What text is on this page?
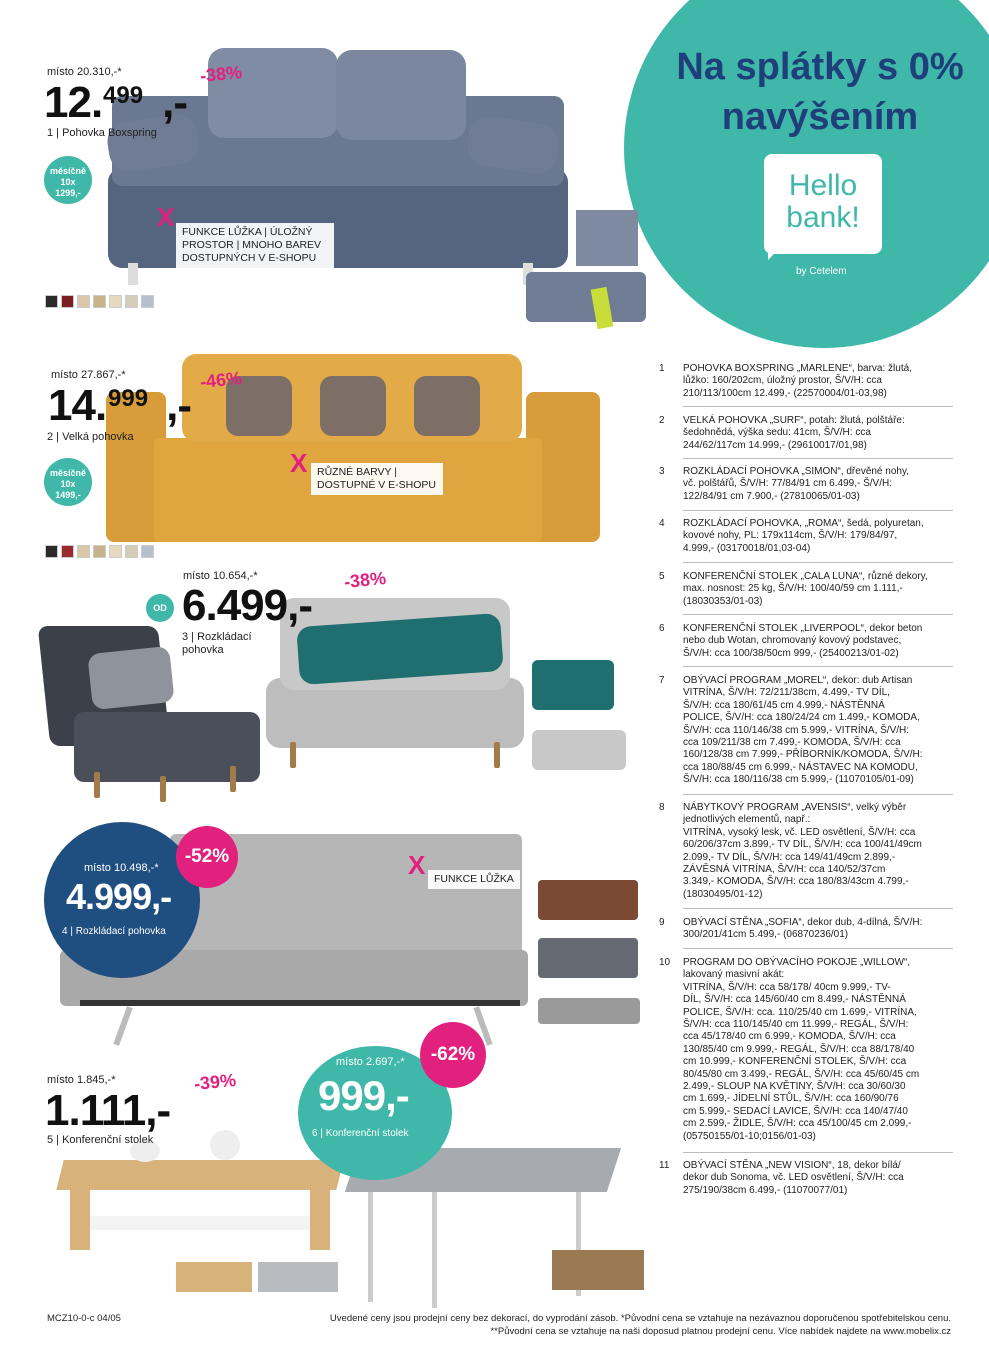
Na splátky s 0%
navýšením
Hello
bank!
by Cetelem
místo 20.310,-*
12. ,-
499
1 | Pohovka Boxspring
-38%
měsíčně
10x
1299,-
X FUNKCE LŮŽKA | ÚLOŽNÝ
PROSTOR | MNOHO BAREV
DOSTUPNÝCH V E-SHOPU
místo 27.867,-*
14. ,-
999
2 | Velká pohovka
-46%
měsíčně
10x
1499,-
X RŮZNÉ BARVY |
DOSTUPNÉ V E-SHOPU
místo 10.654,-*
OD 6.499,-
3 | Rozkládací
pohovka
-38%
místo 10.498,-*
4.999,-
4 | Rozkládací pohovka
-52%	X FUNKCE LŮŽKA
místo 1.845,-*
1.111,-
5 | Konferenční stolek
-39%
místo 2.697,-*
999,-
6 | Konferenční stolek
-62%
1	POHOVKA BOXSPRING „MARLENE“, barva: žlutá,
lůžko: 160/202cm, úložný prostor, Š/V/H: cca
210/113/100cm 12.499,- (22570004/01-03,98)
2	VELKÁ POHOVKA „SURF“, potah: žlutá, polštáře:
šedohnědá, výška sedu: 41cm, Š/V/H: cca
244/62/117cm 14.999,- (29610017/01,98)
3	ROZKLÁDACÍ POHOVKA „SIMON“, dřevěné nohy,
vč. polštářů, Š/V/H: 77/84/91 cm 6.499,- Š/V/H:
122/84/91 cm 7.900,- (27810065/01-03)
4	ROZKLÁDACÍ POHOVKA, „ROMA“, šedá, polyuretan,
kovové nohy, PL: 179x114cm, Š/V/H: 179/84/97,
4.999,- (03170018/01,03-04)
5	KONFERENČNÍ STOLEK „CALA LUNA“, různé dekory,
max. nosnost: 25 kg, Š/V/H: 100/40/59 cm 1.111,-
(18030353/01-03)
6	KONFERENČNÍ STOLEK „LIVERPOOL“, dekor beton
nebo dub Wotan, chromovaný kovový podstavec,
Š/V/H: cca 100/38/50cm 999,- (25400213/01-02)
7	OBÝVACÍ PROGRAM „MOREL“, dekor: dub Artisan
VITRÍNA, Š/V/H: 72/211/38cm, 4.499,- TV DÍL,
Š/V/H: cca 180/61/45 cm 4.999,- NÁSTĚNNÁ
POLICE, Š/V/H: cca 180/24/24 cm 1.499,- KOMODA,
Š/V/H: cca 110/146/38 cm 5.999,- VITRÍNA, Š/V/H:
cca 109/211/38 cm 7.499,- KOMODA, Š/V/H: cca
160/128/38 cm 7.999,- PŘÍBORNÍK/KOMODA, Š/V/H:
cca 180/88/45 cm 6.999,- NÁSTAVEC NA KOMODU,
Š/V/H: cca 180/116/38 cm 5.999,- (11070105/01-09)
8	NÁBYTKOVÝ PROGRAM „AVENSIS“, velký výběr
jednotlivých elementů, např.:
VITRÍNA, vysoký lesk, vč. LED osvětlení, Š/V/H: cca
60/206/37cm 3.899,- TV DÍL, Š/V/H: cca 100/41/49cm
2.099,- TV DÍL, Š/V/H: cca 149/41/49cm 2.899,-
ZÁVĚSNÁ VITRÍNA, Š/V/H: cca 140/52/37cm
3.349,- KOMODA, Š/V/H: cca 180/83/43cm 4.799,-
(18030495/01-12)
9	OBÝVACÍ STĚNA „SOFIA“, dekor dub, 4-dílná, Š/V/H:
300/201/41cm 5.499,- (06870236/01)
10	PROGRAM DO OBÝVACÍHO POKOJE „WILLOW“,
lakovaný masivní akát:
VITRÍNA, Š/V/H: cca 58/178/ 40cm 9.999,- TV-
DÍL, Š/V/H: cca 145/60/40 cm 8.499,- NÁSTĚNNÁ
POLICE, Š/V/H: cca. 110/25/40 cm 1.699,- VITRÍNA,
Š/V/H: cca 110/145/40 cm 11.999,- REGÁL, Š/V/H:
cca 45/178/40 cm 6.999,- KOMODA, Š/V/H: cca
130/85/40 cm 9.999,- REGÁL, Š/V/H: cca 88/178/40
cm 10.999,- KONFERENČNÍ STOLEK, Š/V/H: cca
80/45/80 cm 3.499,- REGÁL, Š/V/H: cca 45/60/45 cm
2.499,- SLOUP NA KVĚTINY, Š/V/H: cca 30/60/30
cm 1.699,- JÍDELNÍ STŮL, Š/V/H: cca 160/90/76
cm 5.999,- SEDACÍ LAVICE, Š/V/H: cca 140/47/40
cm 2.599,- ŽIDLE, Š/V/H: cca 45/100/45 cm 2.099,-
(05750155/01-10;0156/01-03)
11	OBÝVACÍ STĚNA „NEW VISION“, 18, dekor bílá/
dekor dub Sonoma, vč. LED osvětlení, Š/V/H: cca
275/190/38cm 6.499,- (11070077/01)
MCZ10-0-c 04/05	Uvedené ceny jsou prodejní ceny bez dekorací, do vyprodání zásob. *Původní cena se vztahuje na nezávaznou doporučenou spotřebitelskou cenu.
**Původní cena se vztahuje na naši doposud platnou prodejní cenu. Více nabídek najdete na www.mobelix.cz
